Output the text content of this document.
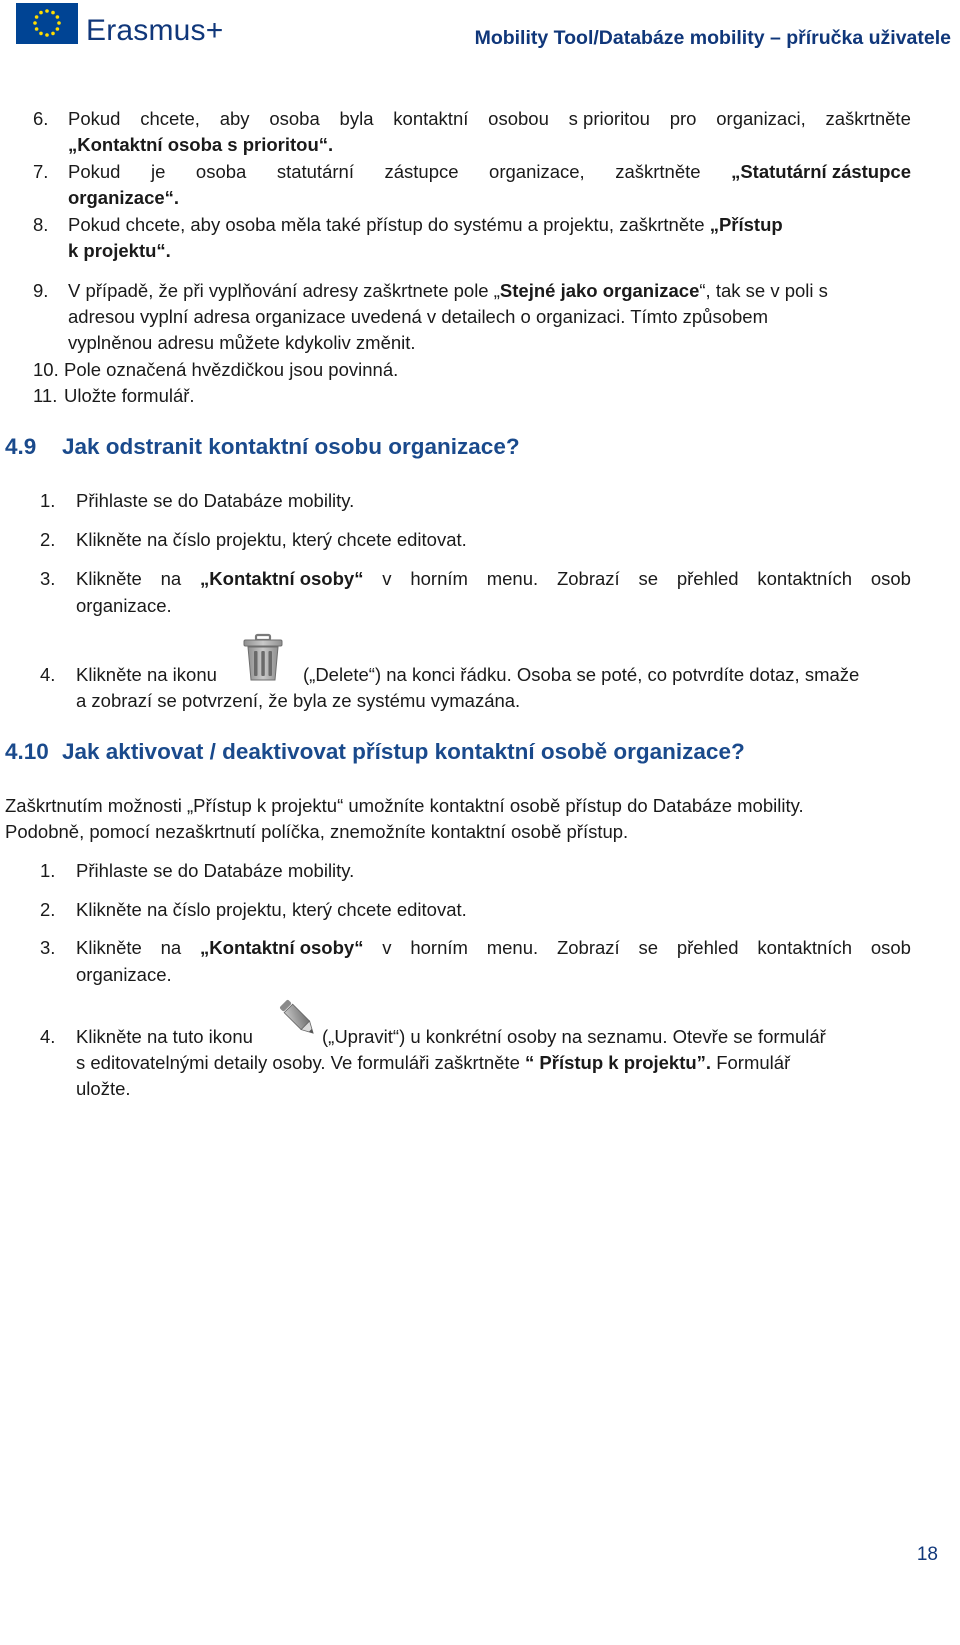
Erasmus+	Mobility Tool/Databáze mobility – příručka uživatele
6. Pokud chcete, aby osoba byla kontaktní osobou s prioritou pro organizaci, zaškrtněte
„Kontaktní osoba s prioritou“.
7. Pokud je osoba statutární zástupce organizace, zaškrtněte „Statutární zástupce
organizace“.
8. Pokud chcete, aby osoba měla také přístup do systému a projektu, zaškrtněte „Přístup
k projektu“.
9. V případě, že při vyplňování adresy zaškrtnete pole „Stejné jako organizace“, tak se v poli s
adresou vyplní adresa organizace uvedená v detailech o organizaci. Tímto způsobem
vyplněnou adresu můžete kdykoliv změnit.
10. Pole označená hvězdičkou jsou povinná.
11. Uložte formulář.
4.9 Jak odstranit kontaktní osobu organizace?
1. Přihlaste se do Databáze mobility.
2. Klikněte na číslo projektu, který chcete editovat.
3. Klikněte na „Kontaktní osoby“ v horním menu. Zobrazí se přehled kontaktních osob
organizace.
4. Klikněte na ikonu	(„Delete“) na konci řádku. Osoba se poté, co potvrdíte dotaz, smaže
a zobrazí se potvrzení, že byla ze systému vymazána.
4.10 Jak aktivovat / deaktivovat přístup kontaktní osobě organizace?
Zaškrtnutím možnosti „Přístup k projektu“ umožníte kontaktní osobě přístup do Databáze mobility.
Podobně, pomocí nezaškrtnutí políčka, znemožníte kontaktní osobě přístup.
1. Přihlaste se do Databáze mobility.
2. Klikněte na číslo projektu, který chcete editovat.
3. Klikněte na „Kontaktní osoby“ v horním menu. Zobrazí se přehled kontaktních osob
organizace.
4. Klikněte na tuto ikonu	(„Upravit“) u konkrétní osoby na seznamu. Otevře se formulář
s editovatelnými detaily osoby. Ve formuláři zaškrtněte “ Přístup k projektu”. Formulář
uložte.
18
